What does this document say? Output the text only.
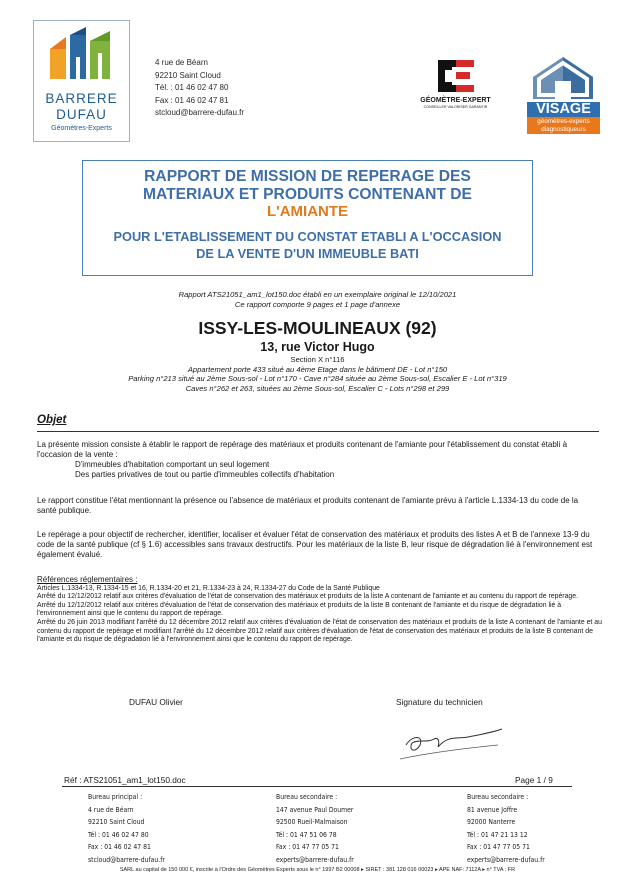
BARRERE
DUFAU
Géomètres-Experts
4 rue de Béarn
92210 Saint Cloud
Tél. : 01 46 02 47 80
Fax : 01 46 02 47 81
stcloud@barrere-dufau.fr
GÉOMÈTRE-EXPERT
CONSEILLER VALORISER GARANTIR	VISAGE
géomètres-experts diagnostiqueurs
RAPPORT DE MISSION DE REPERAGE DES
MATERIAUX ET PRODUITS CONTENANT DE
L'AMIANTE
POUR L'ETABLISSEMENT DU CONSTAT ETABLI A L'OCCASION
DE LA VENTE D'UN IMMEUBLE BATI
Rapport ATS21051_am1_lot150.doc établi en un exemplaire original le 12/10/2021
Ce rapport comporte 9 pages et 1 page d'annexe
ISSY-LES-MOULINEAUX (92)
13, rue Victor Hugo
Section X n°116
Appartement porte 433 situé au 4ème Etage dans le bâtiment DE - Lot n°150
Parking n°213 situé au 2ème Sous-sol - Lot n°170 - Cave n°284 située au 2ème Sous-sol, Escalier E - Lot n°319
Caves n°262 et 263, situées au 2ème Sous-sol, Escalier C - Lots n°298 et 299
Objet

La présente mission consiste à établir le rapport de repérage des matériaux et produits contenant de l'amiante pour l'établissement du constat établi à l'occasion de la vente :

D'immeubles d'habitation comportant un seul logement

Des parties privatives de tout ou partie d'immeubles collectifs d'habitation

Le rapport constitue l'état mentionnant la présence ou l'absence de matériaux et produits contenant de l'amiante prévu à l'article L.1334-13 du code de la santé publique.
Le repérage a pour objectif de rechercher, identifier, localiser et évaluer l'état de conservation des matériaux et produits des listes A et B de l'annexe 13-9 du code de la santé publique (cf § 1.6) accessibles sans travaux destructifs. Pour les matériaux de la liste B, leur risque de dégradation lié à l'environnement est également évalué.
Références réglementaires :
Articles L.1334-13, R.1334-15 et 16, R.1334-20 et 21, R.1334-23 à 24, R.1334-27 du Code de la Santé Publique
Arrêté du 12/12/2012 relatif aux critères d'évaluation de l'état de conservation des matériaux et produits de la liste A contenant de l'amiante et au contenu du rapport de repérage.
Arrêté du 12/12/2012 relatif aux critères d'évaluation de l'état de conservation des matériaux et produits de la liste B contenant de l'amiante et du risque de dégradation lié à l'environnement ainsi que le contenu du rapport de repérage.
Arrêté du 26 juin 2013 modifiant l'arrêté du 12 décembre 2012 relatif aux critères d'évaluation de l'état de conservation des matériaux et produits de la liste A contenant de l'amiante et au contenu du rapport de repérage et modifiant l'arrêté du 12 décembre 2012 relatif aux critères d'évaluation de l'état de conservation des matériaux et produits de la liste B contenant de l'amiante et du risque de dégradation lié à l'environnement ainsi que le contenu du rapport de repérage.
DUFAU Olivier	Signature du technicien
Réf : ATS21051_am1_lot150.doc	Page 1 / 9
Bureau principal :
4 rue de Béarn
92210 Saint Cloud
Tél : 01 46 02 47 80
Fax : 01 46 02 47 81
stcloud@barrere-dufau.fr
Bureau secondaire :
147 avenue Paul Doumer
92500 Rueil-Malmaison
Tél : 01 47 51 06 78
Fax : 01 47 77 05 71
experts@barrere-dufau.fr
Bureau secondaire :
81 avenue Joffre
92000 Nanterre
Tél : 01 47 21 13 12
Fax : 01 47 77 05 71
experts@barrere-dufau.fr
SARL au capital de 150 000 €, inscrite à l'Ordre des Géomètres Experts sous le n° 1997 B2 00008 ▸ SIRET : 381 128 016 00023 ▸ APE NAF: 7112A ▸ n° TVA : FR
